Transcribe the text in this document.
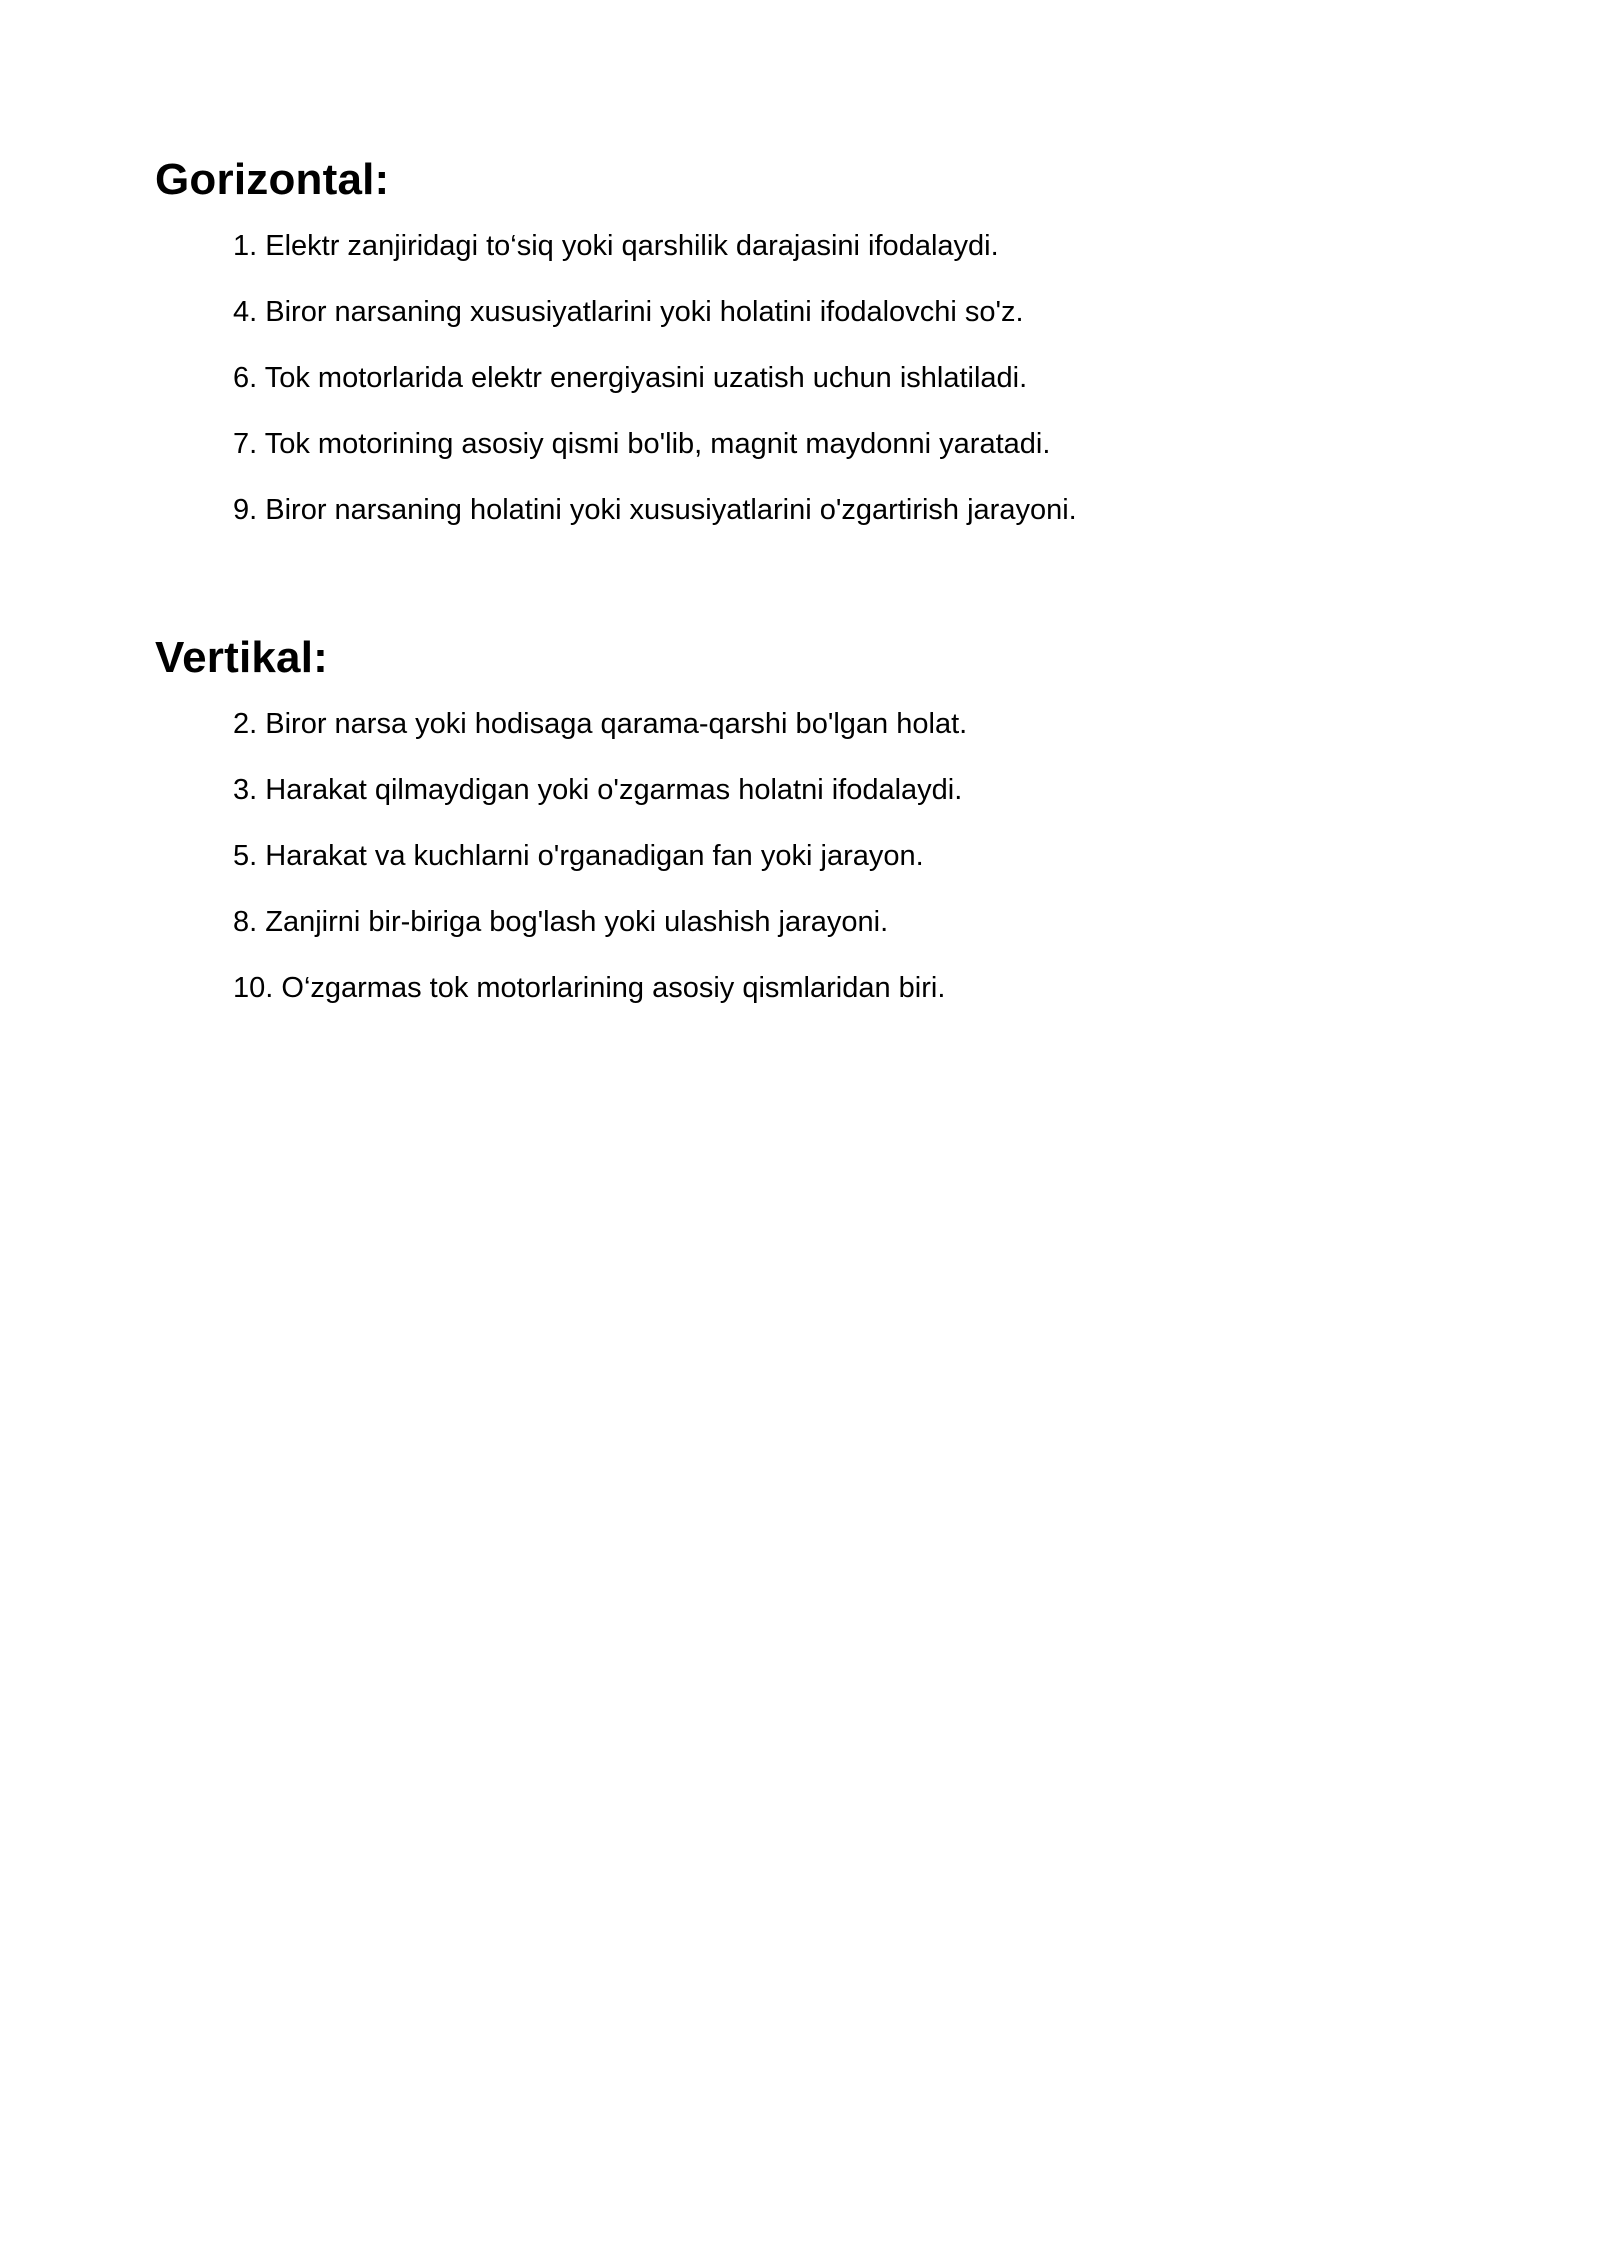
Gorizontal:
1. Elektr zanjiridagi to‘siq yoki qarshilik darajasini ifodalaydi.
4. Biror narsaning xususiyatlarini yoki holatini ifodalovchi so'z.
6. Tok motorlarida elektr energiyasini uzatish uchun ishlatiladi.
7. Tok motorining asosiy qismi bo'lib, magnit maydonni yaratadi.
9. Biror narsaning holatini yoki xususiyatlarini o'zgartirish jarayoni.
Vertikal:
2. Biror narsa yoki hodisaga qarama-qarshi bo'lgan holat.
3. Harakat qilmaydigan yoki o'zgarmas holatni ifodalaydi.
5. Harakat va kuchlarni o'rganadigan fan yoki jarayon.
8. Zanjirni bir-biriga bog'lash yoki ulashish jarayoni.
10. O‘zgarmas tok motorlarining asosiy qismlaridan biri.
